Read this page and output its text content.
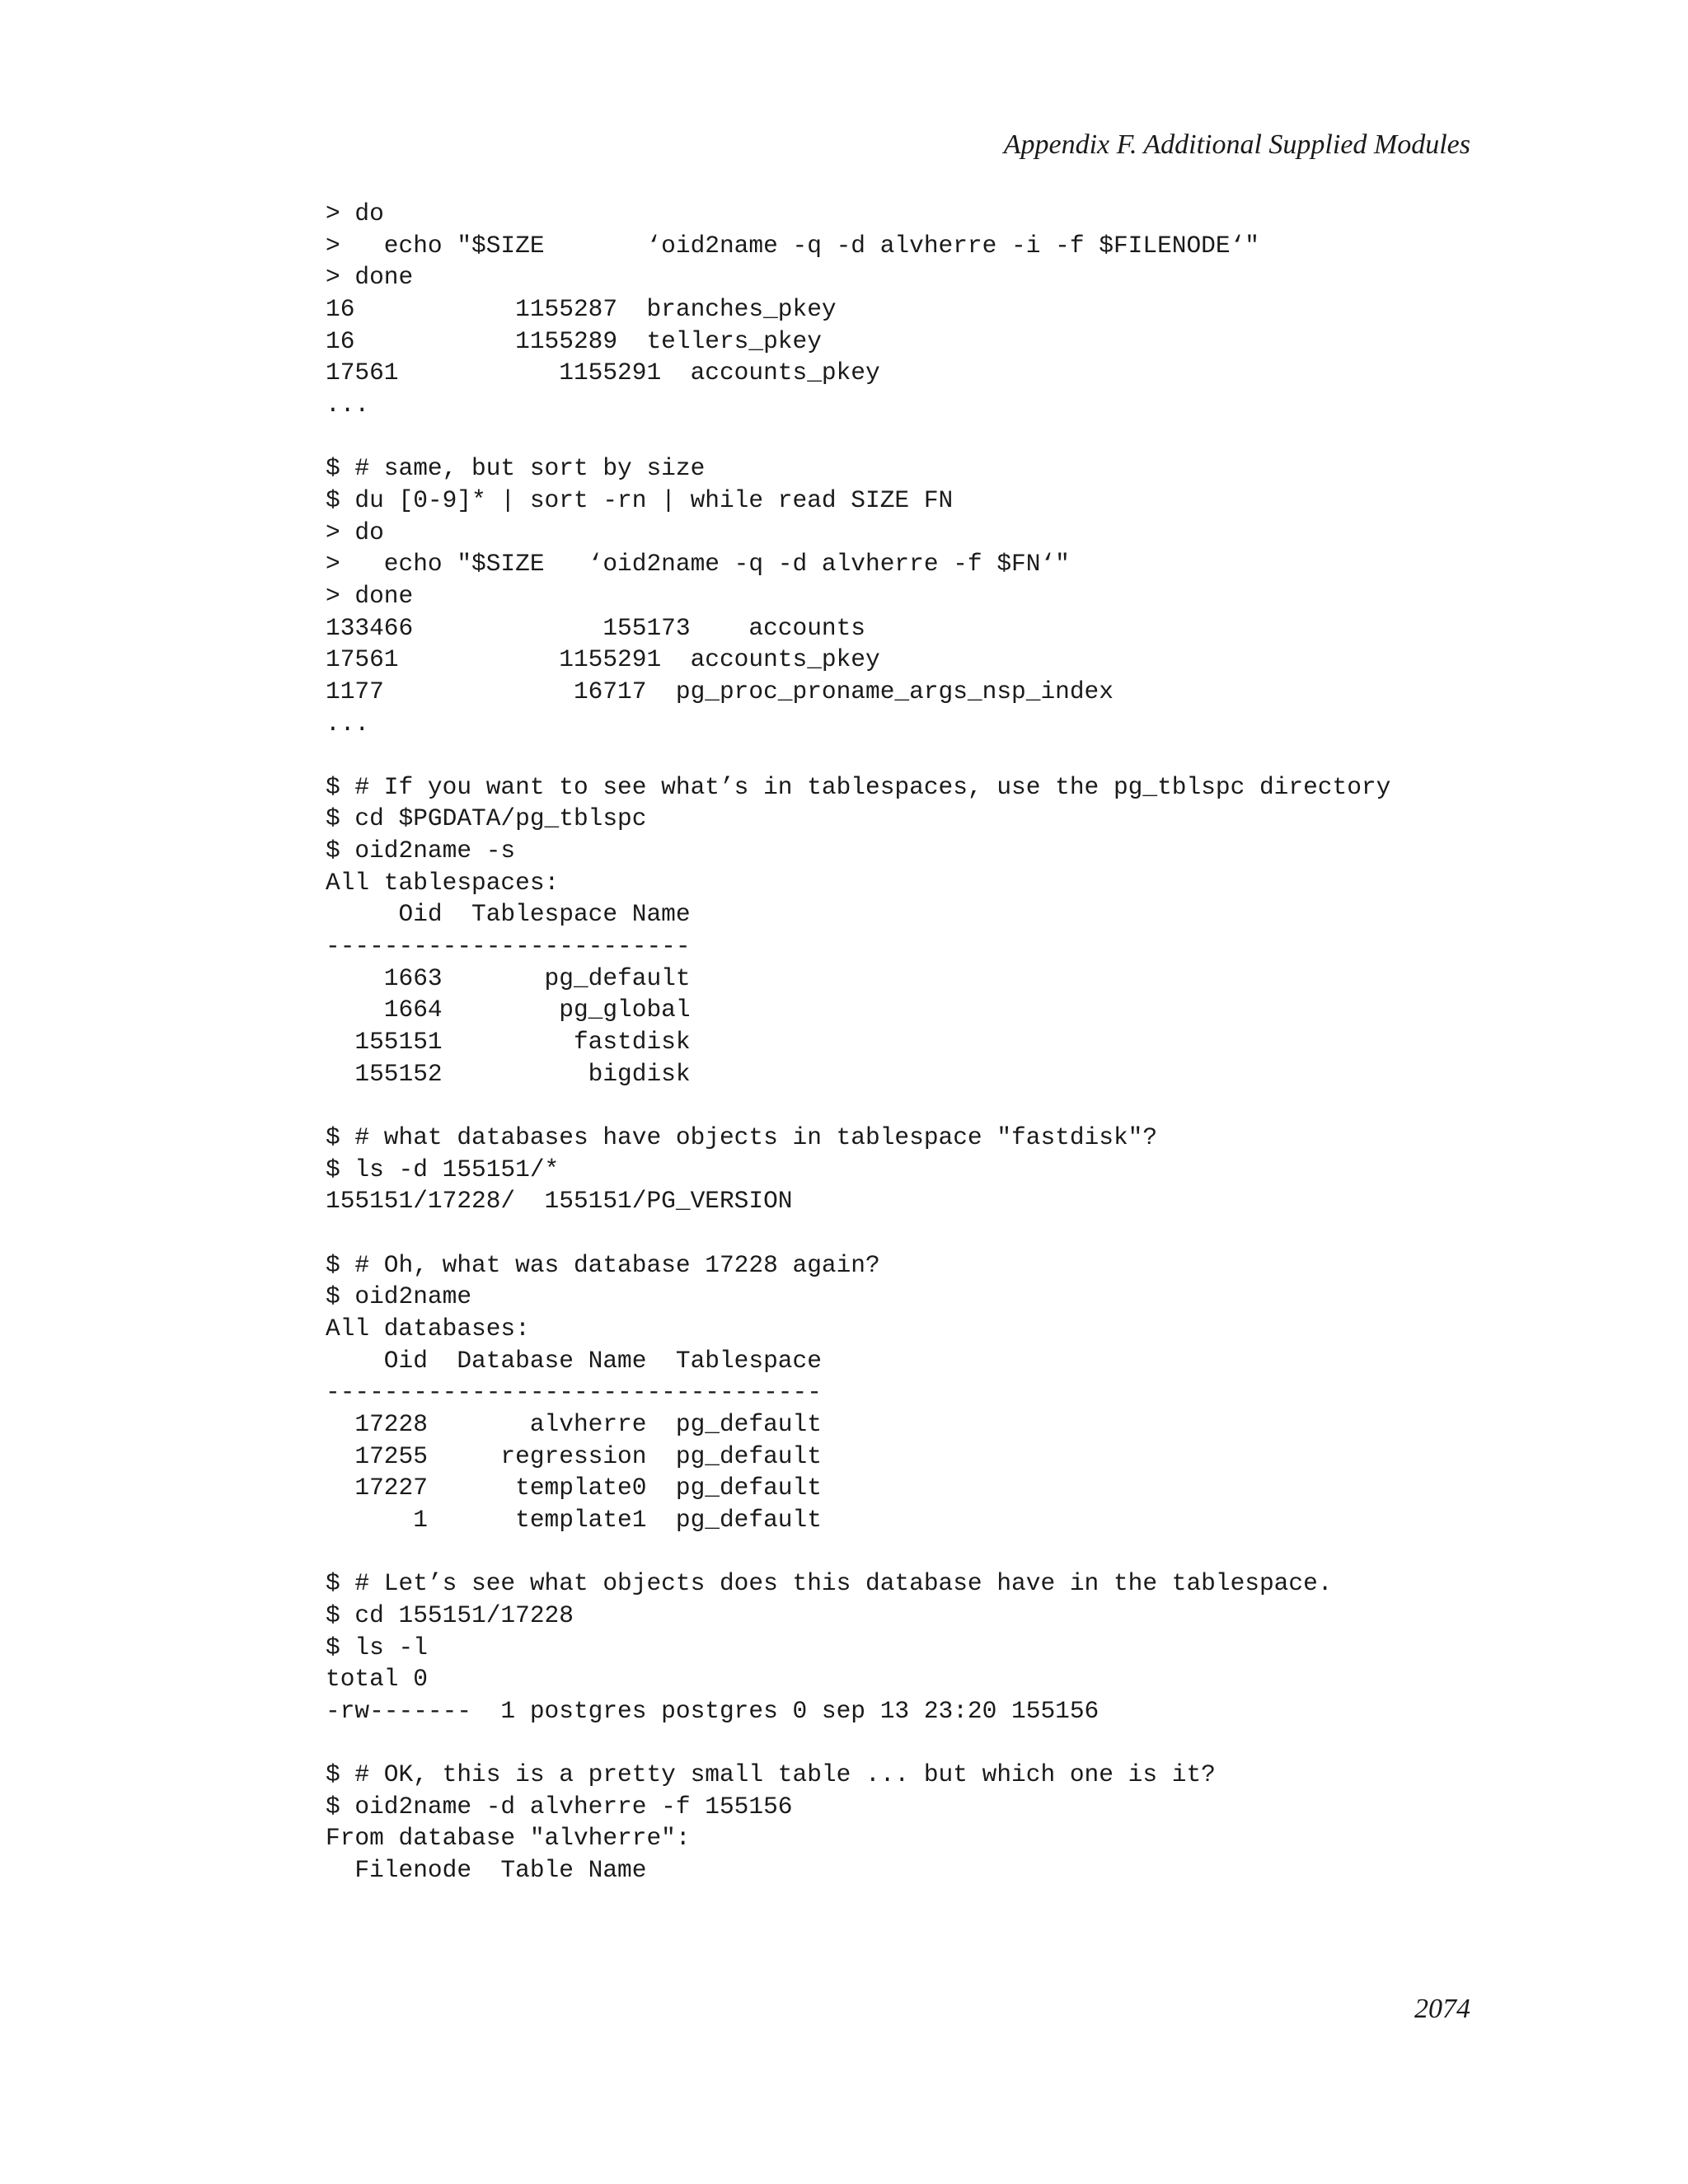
Appendix F. Additional Supplied Modules
> do
>   echo "$SIZE       ‘oid2name -q -d alvherre -i -f $FILENODE‘"
> done
16           1155287  branches_pkey
16           1155289  tellers_pkey
17561           1155291  accounts_pkey
...
$ # same, but sort by size
$ du [0-9]* | sort -rn | while read SIZE FN
> do
>   echo "$SIZE   ‘oid2name -q -d alvherre -f $FN‘"
> done
133466             155173    accounts
17561           1155291  accounts_pkey
1177             16717  pg_proc_proname_args_nsp_index
...
$ # If you want to see what’s in tablespaces, use the pg_tblspc directory
$ cd $PGDATA/pg_tblspc
$ oid2name -s
All tablespaces:
Oid  Tablespace Name
-------------------------
1663       pg_default
1664        pg_global
155151         fastdisk
155152          bigdisk
$ # what databases have objects in tablespace "fastdisk"?
$ ls -d 155151/*
155151/17228/  155151/PG_VERSION
$ # Oh, what was database 17228 again?
$ oid2name
All databases:
Oid  Database Name  Tablespace
----------------------------------
17228       alvherre  pg_default
17255     regression  pg_default
17227      template0  pg_default
1      template1  pg_default
$ # Let’s see what objects does this database have in the tablespace.
$ cd 155151/17228
$ ls -l
total 0
-rw-------  1 postgres postgres 0 sep 13 23:20 155156
$ # OK, this is a pretty small table ... but which one is it?
$ oid2name -d alvherre -f 155156
From database "alvherre":
Filenode  Table Name
2074
